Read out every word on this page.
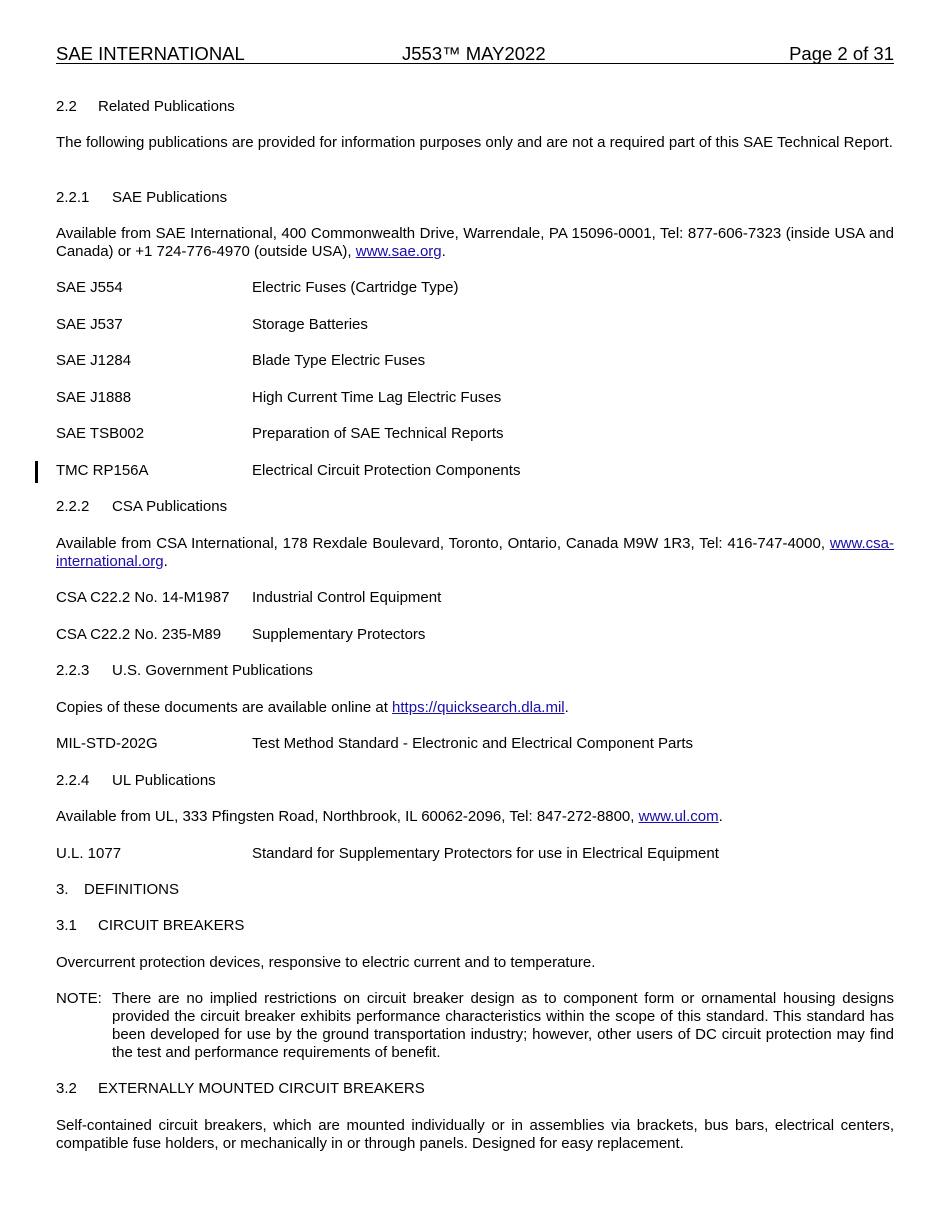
SAE INTERNATIONAL	J553™ MAY2022	Page 2 of 31
2.2 Related Publications
The following publications are provided for information purposes only and are not a required part of this SAE Technical Report.
2.2.1 SAE Publications
Available from SAE International, 400 Commonwealth Drive, Warrendale, PA 15096-0001, Tel: 877-606-7323 (inside USA and Canada) or +1 724-776-4970 (outside USA), www.sae.org.
SAE J554	Electric Fuses (Cartridge Type)
SAE J537	Storage Batteries
SAE J1284	Blade Type Electric Fuses
SAE J1888	High Current Time Lag Electric Fuses
SAE TSB002	Preparation of SAE Technical Reports
TMC RP156A	Electrical Circuit Protection Components
2.2.2 CSA Publications
Available from CSA International, 178 Rexdale Boulevard, Toronto, Ontario, Canada M9W 1R3, Tel: 416-747-4000, www.csa-international.org.
CSA C22.2 No. 14-M1987 Industrial Control Equipment
CSA C22.2 No. 235-M89 Supplementary Protectors
2.2.3 U.S. Government Publications
Copies of these documents are available online at https://quicksearch.dla.mil.
MIL-STD-202G	Test Method Standard - Electronic and Electrical Component Parts
2.2.4 UL Publications
Available from UL, 333 Pfingsten Road, Northbrook, IL 60062-2096, Tel: 847-272-8800, www.ul.com.
U.L. 1077	Standard for Supplementary Protectors for use in Electrical Equipment
3. DEFINITIONS
3.1 CIRCUIT BREAKERS
Overcurrent protection devices, responsive to electric current and to temperature.
NOTE: There are no implied restrictions on circuit breaker design as to component form or ornamental housing designs provided the circuit breaker exhibits performance characteristics within the scope of this standard. This standard has been developed for use by the ground transportation industry; however, other users of DC circuit protection may find the test and performance requirements of benefit.
3.2 EXTERNALLY MOUNTED CIRCUIT BREAKERS
Self-contained circuit breakers, which are mounted individually or in assemblies via brackets, bus bars, electrical centers, compatible fuse holders, or mechanically in or through panels. Designed for easy replacement.
